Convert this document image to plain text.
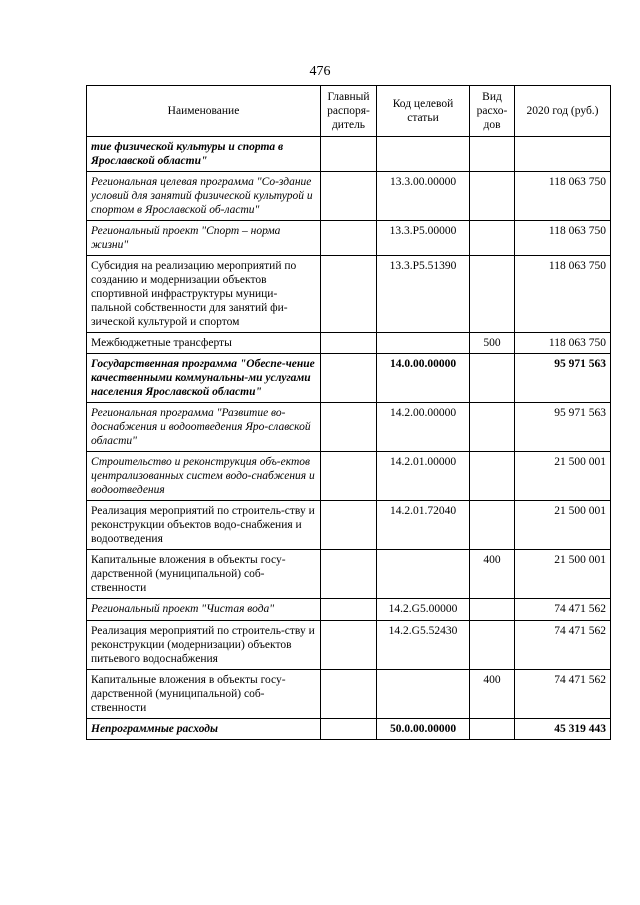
476
Наименование	Главный распоря-дитель	Код целевой статьи	Вид расхо-дов	2020 год (руб.)
тие физической культуры и спорта в Ярославской области"				
Региональная целевая программа "Со-здание условий для занятий физической культурой и спортом в Ярославской об-ласти"		13.3.00.00000		118 063 750
Региональный проект "Спорт – норма жизни"		13.3.P5.00000		118 063 750
Субсидия на реализацию мероприятий по созданию и модернизации объектов спортивной инфраструктуры муници-пальной собственности для занятий фи-зической культурой и спортом		13.3.P5.51390		118 063 750
Межбюджетные трансферты			500	118 063 750
Государственная программа "Обеспе-чение качественными коммунальны-ми услугами населения Ярославской области"		14.0.00.00000		95 971 563
Региональная программа "Развитие во-доснабжения и водоотведения Яро-славской области"		14.2.00.00000		95 971 563
Строительство и реконструкция объ-ектов централизованных систем водо-снабжения и водоотведения		14.2.01.00000		21 500 001
Реализация мероприятий по строитель-ству и реконструкции объектов водо-снабжения и водоотведения		14.2.01.72040		21 500 001
Капитальные вложения в объекты госу-дарственной (муниципальной) соб-ственности			400	21 500 001
Региональный проект "Чистая вода"		14.2.G5.00000		74 471 562
Реализация мероприятий по строитель-ству и реконструкции (модернизации) объектов питьевого водоснабжения		14.2.G5.52430		74 471 562
Капитальные вложения в объекты госу-дарственной (муниципальной) соб-ственности			400	74 471 562
Непрограммные расходы		50.0.00.00000		45 319 443
